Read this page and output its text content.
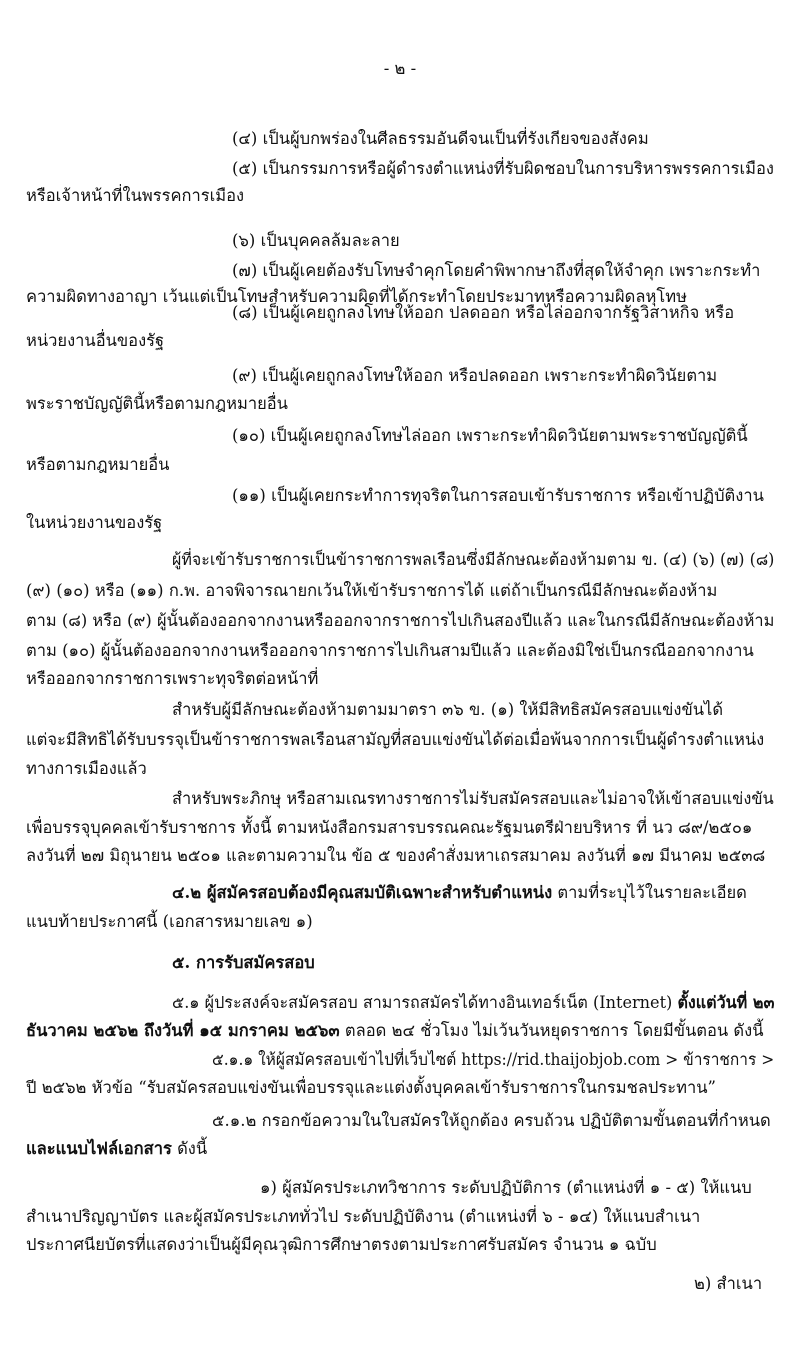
- ๒ -
(๔) เป็นผู้บกพร่องในศีลธรรมอันดีจนเป็นที่รังเกียจของสังคม
(๕) เป็นกรรมการหรือผู้ดำรงตำแหน่งที่รับผิดชอบในการบริหารพรรคการเมือง
หรือเจ้าหน้าที่ในพรรคการเมือง
(๖) เป็นบุคคลล้มละลาย
(๗) เป็นผู้เคยต้องรับโทษจำคุกโดยคำพิพากษาถึงที่สุดให้จำคุก เพราะกระทำ
ความผิดทางอาญา เว้นแต่เป็นโทษสำหรับความผิดที่ได้กระทำโดยประมาทหรือความผิดลหุโทษ
(๘) เป็นผู้เคยถูกลงโทษให้ออก ปลดออก หรือไล่ออกจากรัฐวิสาหกิจ หรือ
หน่วยงานอื่นของรัฐ
(๙) เป็นผู้เคยถูกลงโทษให้ออก หรือปลดออก เพราะกระทำผิดวินัยตาม
พระราชบัญญัตินี้หรือตามกฎหมายอื่น
(๑๐) เป็นผู้เคยถูกลงโทษไล่ออก เพราะกระทำผิดวินัยตามพระราชบัญญัตินี้
หรือตามกฎหมายอื่น
(๑๑) เป็นผู้เคยกระทำการทุจริตในการสอบเข้ารับราชการ หรือเข้าปฏิบัติงาน
ในหน่วยงานของรัฐ
ผู้ที่จะเข้ารับราชการเป็นข้าราชการพลเรือนซึ่งมีลักษณะต้องห้ามตาม ข. (๔) (๖) (๗) (๘)
(๙) (๑๐) หรือ (๑๑) ก.พ. อาจพิจารณายกเว้นให้เข้ารับราชการได้ แต่ถ้าเป็นกรณีมีลักษณะต้องห้าม
ตาม (๘) หรือ (๙) ผู้นั้นต้องออกจากงานหรือออกจากราชการไปเกินสองปีแล้ว และในกรณีมีลักษณะต้องห้าม
ตาม (๑๐) ผู้นั้นต้องออกจากงานหรือออกจากราชการไปเกินสามปีแล้ว และต้องมิใช่เป็นกรณีออกจากงาน
หรือออกจากราชการเพราะทุจริตต่อหน้าที่
สำหรับผู้มีลักษณะต้องห้ามตามมาตรา ๓๖ ข. (๑) ให้มีสิทธิสมัครสอบแข่งขันได้
แต่จะมีสิทธิได้รับบรรจุเป็นข้าราชการพลเรือนสามัญที่สอบแข่งขันได้ต่อเมื่อพ้นจากการเป็นผู้ดำรงตำแหน่ง
ทางการเมืองแล้ว
สำหรับพระภิกษุ หรือสามเณรทางราชการไม่รับสมัครสอบและไม่อาจให้เข้าสอบแข่งขัน
เพื่อบรรจุบุคคลเข้ารับราชการ ทั้งนี้ ตามหนังสือกรมสารบรรณคณะรัฐมนตรีฝ่ายบริหาร ที่ นว ๘๙/๒๕๐๑
ลงวันที่ ๒๗ มิถุนายน ๒๕๐๑ และตามความใน ข้อ ๕ ของคำสั่งมหาเถรสมาคม ลงวันที่ ๑๗ มีนาคม ๒๕๓๘
๔.๒ ผู้สมัครสอบต้องมีคุณสมบัติเฉพาะสำหรับตำแหน่ง ตามที่ระบุไว้ในรายละเอียด
แนบท้ายประกาศนี้ (เอกสารหมายเลข ๑)
๕. การรับสมัครสอบ
๕.๑ ผู้ประสงค์จะสมัครสอบ สามารถสมัครได้ทางอินเทอร์เน็ต (Internet) ตั้งแต่วันที่ ๒๓
ธันวาคม ๒๕๖๒ ถึงวันที่ ๑๕ มกราคม ๒๕๖๓ ตลอด ๒๔ ชั่วโมง ไม่เว้นวันหยุดราชการ โดยมีขั้นตอน ดังนี้
๕.๑.๑ ให้ผู้สมัครสอบเข้าไปที่เว็บไซต์ https://rid.thaijobjob.com > ข้าราชการ >
ปี ๒๕๖๒ หัวข้อ “รับสมัครสอบแข่งขันเพื่อบรรจุและแต่งตั้งบุคคลเข้ารับราชการในกรมชลประทาน”
๕.๑.๒ กรอกข้อความในใบสมัครให้ถูกต้อง ครบถ้วน ปฏิบัติตามขั้นตอนที่กำหนด
และแนบไฟล์เอกสาร ดังนี้
๑) ผู้สมัครประเภทวิชาการ ระดับปฏิบัติการ (ตำแหน่งที่ ๑ - ๕) ให้แนบ
สำเนาปริญญาบัตร และผู้สมัครประเภททั่วไป ระดับปฏิบัติงาน (ตำแหน่งที่ ๖ - ๑๔) ให้แนบสำเนา
ประกาศนียบัตรที่แสดงว่าเป็นผู้มีคุณวุฒิการศึกษาตรงตามประกาศรับสมัคร จำนวน ๑ ฉบับ
๒) สำเนา
